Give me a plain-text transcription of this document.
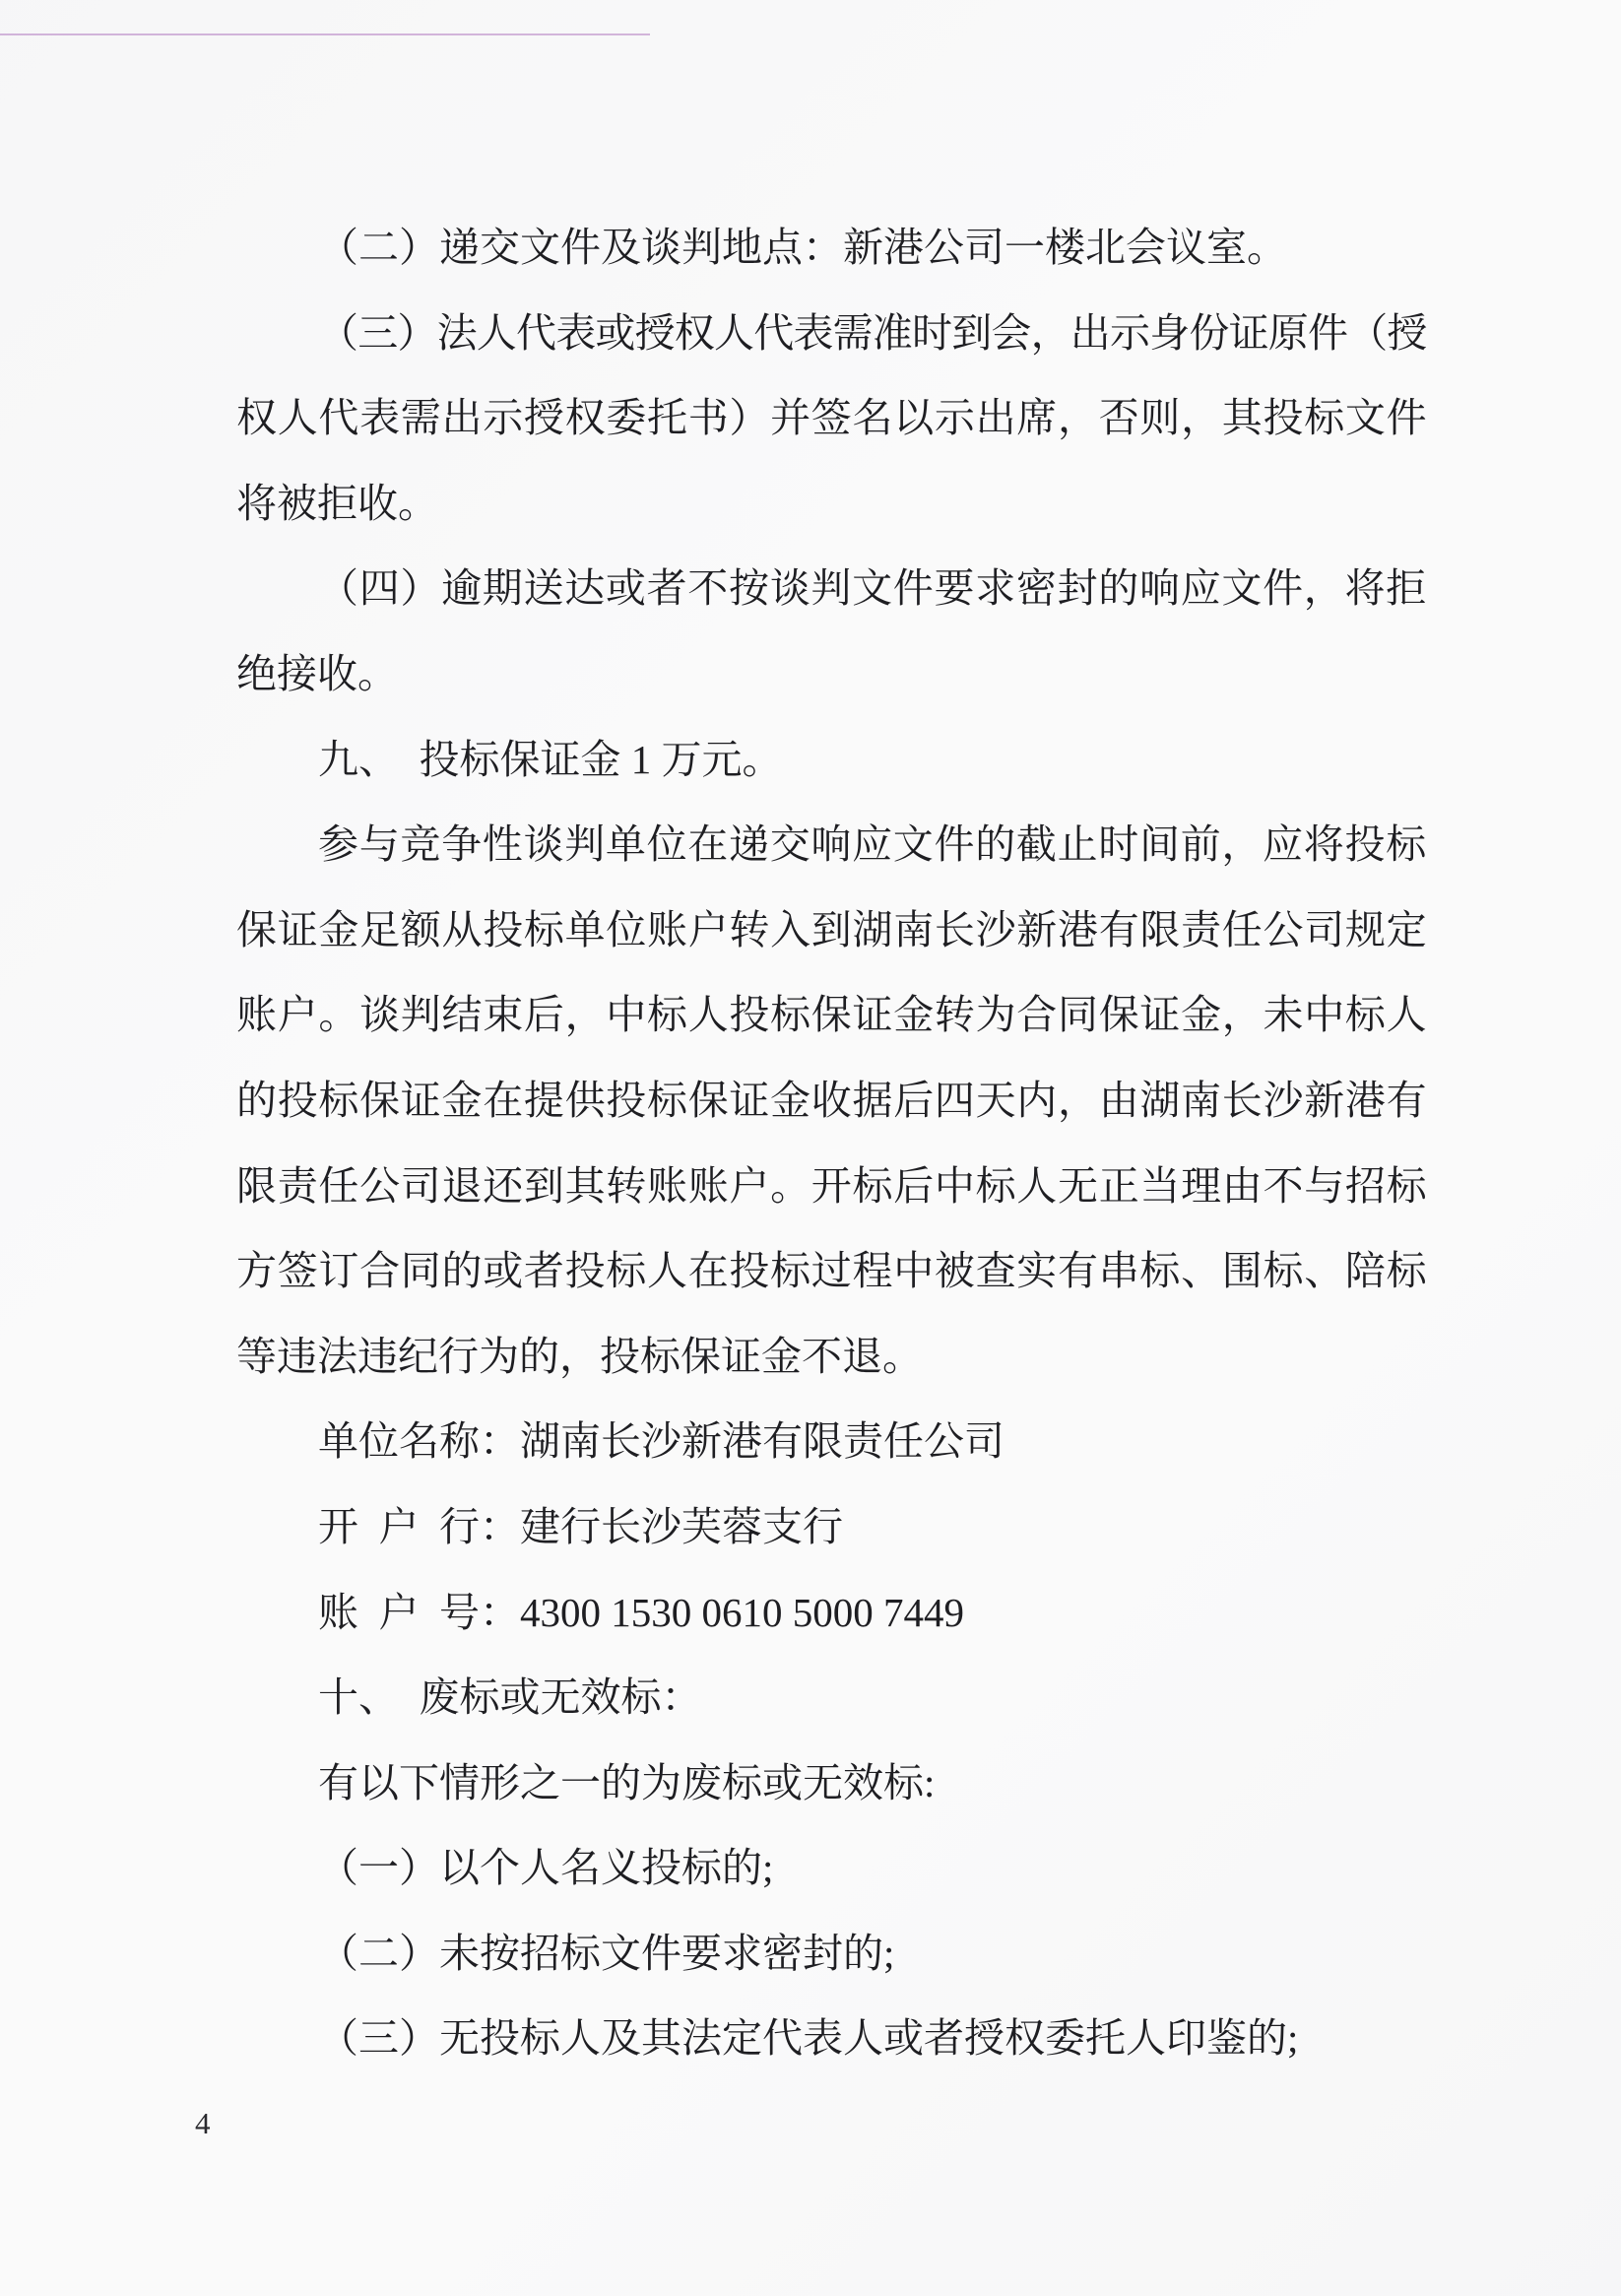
（二）递交文件及谈判地点：新港公司一楼北会议室。
（三）法人代表或授权人代表需准时到会，出示身份证原件（授
权人代表需出示授权委托书）并签名以示出席，否则，其投标文件
将被拒收。
（四）逾期送达或者不按谈判文件要求密封的响应文件，将拒
绝接收。
九、　投标保证金 1 万元。
参与竞争性谈判单位在递交响应文件的截止时间前，应将投标
保证金足额从投标单位账户转入到湖南长沙新港有限责任公司规定
账户。谈判结束后，中标人投标保证金转为合同保证金，未中标人
的投标保证金在提供投标保证金收据后四天内，由湖南长沙新港有
限责任公司退还到其转账账户。开标后中标人无正当理由不与招标
方签订合同的或者投标人在投标过程中被查实有串标、围标、陪标
等违法违纪行为的，投标保证金不退。
单位名称：湖南长沙新港有限责任公司
开 户 行：建行长沙芙蓉支行
账 户 号：4300 1530 0610 5000 7449
十、　废标或无效标：
有以下情形之一的为废标或无效标:
（一）以个人名义投标的;
（二）未按招标文件要求密封的;
（三）无投标人及其法定代表人或者授权委托人印鉴的;
4
